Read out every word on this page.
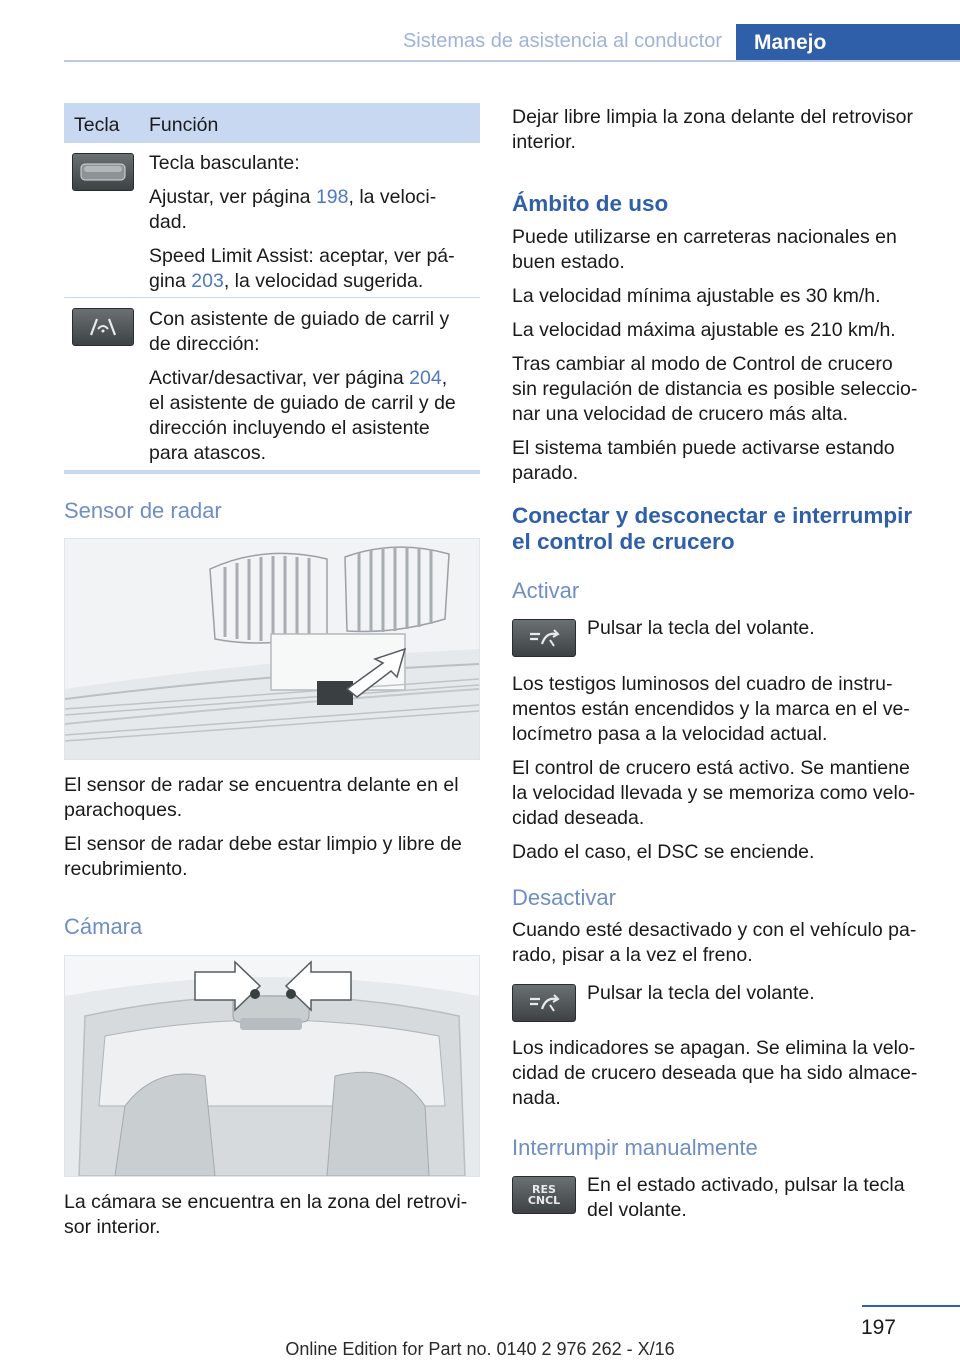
Sistemas de asistencia al conductor	Manejo
Tecla Función

Tecla basculante:

Ajustar, ver página 198, la veloci-

dad.

Speed Limit Assist: aceptar, ver pá-

gina 203, la velocidad sugerida.

Con asistente de guiado de carril y

de dirección:

Activar/desactivar, ver página 204,

el asistente de guiado de carril y de

dirección incluyendo el asistente

para atascos.

Sensor de radar

El sensor de radar se encuentra delante en el

parachoques.

El sensor de radar debe estar limpio y libre de

recubrimiento.

Cámara

La cámara se encuentra en la zona del retrovi-

sor interior.

Dejar libre limpia la zona delante del retrovisor

interior.

Ámbito de uso

Puede utilizarse en carreteras nacionales en

buen estado.

La velocidad mínima ajustable es 30 km/h.

La velocidad máxima ajustable es 210 km/h.

Tras cambiar al modo de Control de crucero

sin regulación de distancia es posible seleccio-

nar una velocidad de crucero más alta.

El sistema también puede activarse estando

parado.

Conectar y desconectar e interrumpir

el control de crucero

Activar

Pulsar la tecla del volante.

Los testigos luminosos del cuadro de instru-

mentos están encendidos y la marca en el ve-

locímetro pasa a la velocidad actual.

El control de crucero está activo. Se mantiene

la velocidad llevada y se memoriza como velo-

cidad deseada.

Dado el caso, el DSC se enciende.

Desactivar

Cuando esté desactivado y con el vehículo pa-

rado, pisar a la vez el freno.

Pulsar la tecla del volante.

Los indicadores se apagan. Se elimina la velo-

cidad de crucero deseada que ha sido almace-

nada.

Interrumpir manualmente
RES
CNCL

En el estado activado, pulsar la tecla

del volante.

197
Online Edition for Part no. 0140 2 976 262 - X/16
